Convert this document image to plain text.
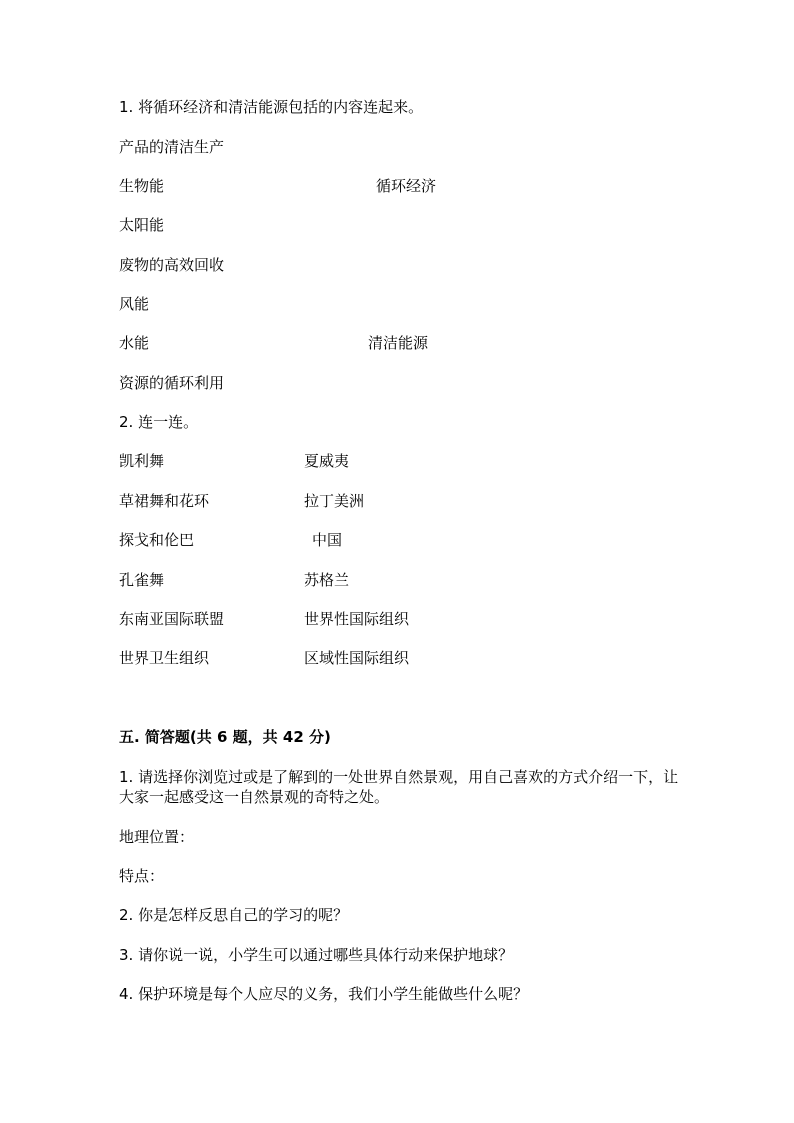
1. 将循环经济和清洁能源包括的内容连起来。
产品的清洁生产
生物能	循环经济
太阳能
废物的高效回收
风能
水能	清洁能源
资源的循环利用
2. 连一连。
凯利舞	夏威夷
草裙舞和花环	拉丁美洲
探戈和伦巴	中国
孔雀舞	苏格兰
东南亚国际联盟	世界性国际组织
世界卫生组织	区域性国际组织
五. 简答题(共 6 题，共 42 分)
1. 请选择你浏览过或是了解到的一处世界自然景观，用自己喜欢的方式介绍一下，让大家一起感受这一自然景观的奇特之处。
地理位置：
特点：
2. 你是怎样反思自己的学习的呢？
3. 请你说一说，小学生可以通过哪些具体行动来保护地球？
4. 保护环境是每个人应尽的义务，我们小学生能做些什么呢？
